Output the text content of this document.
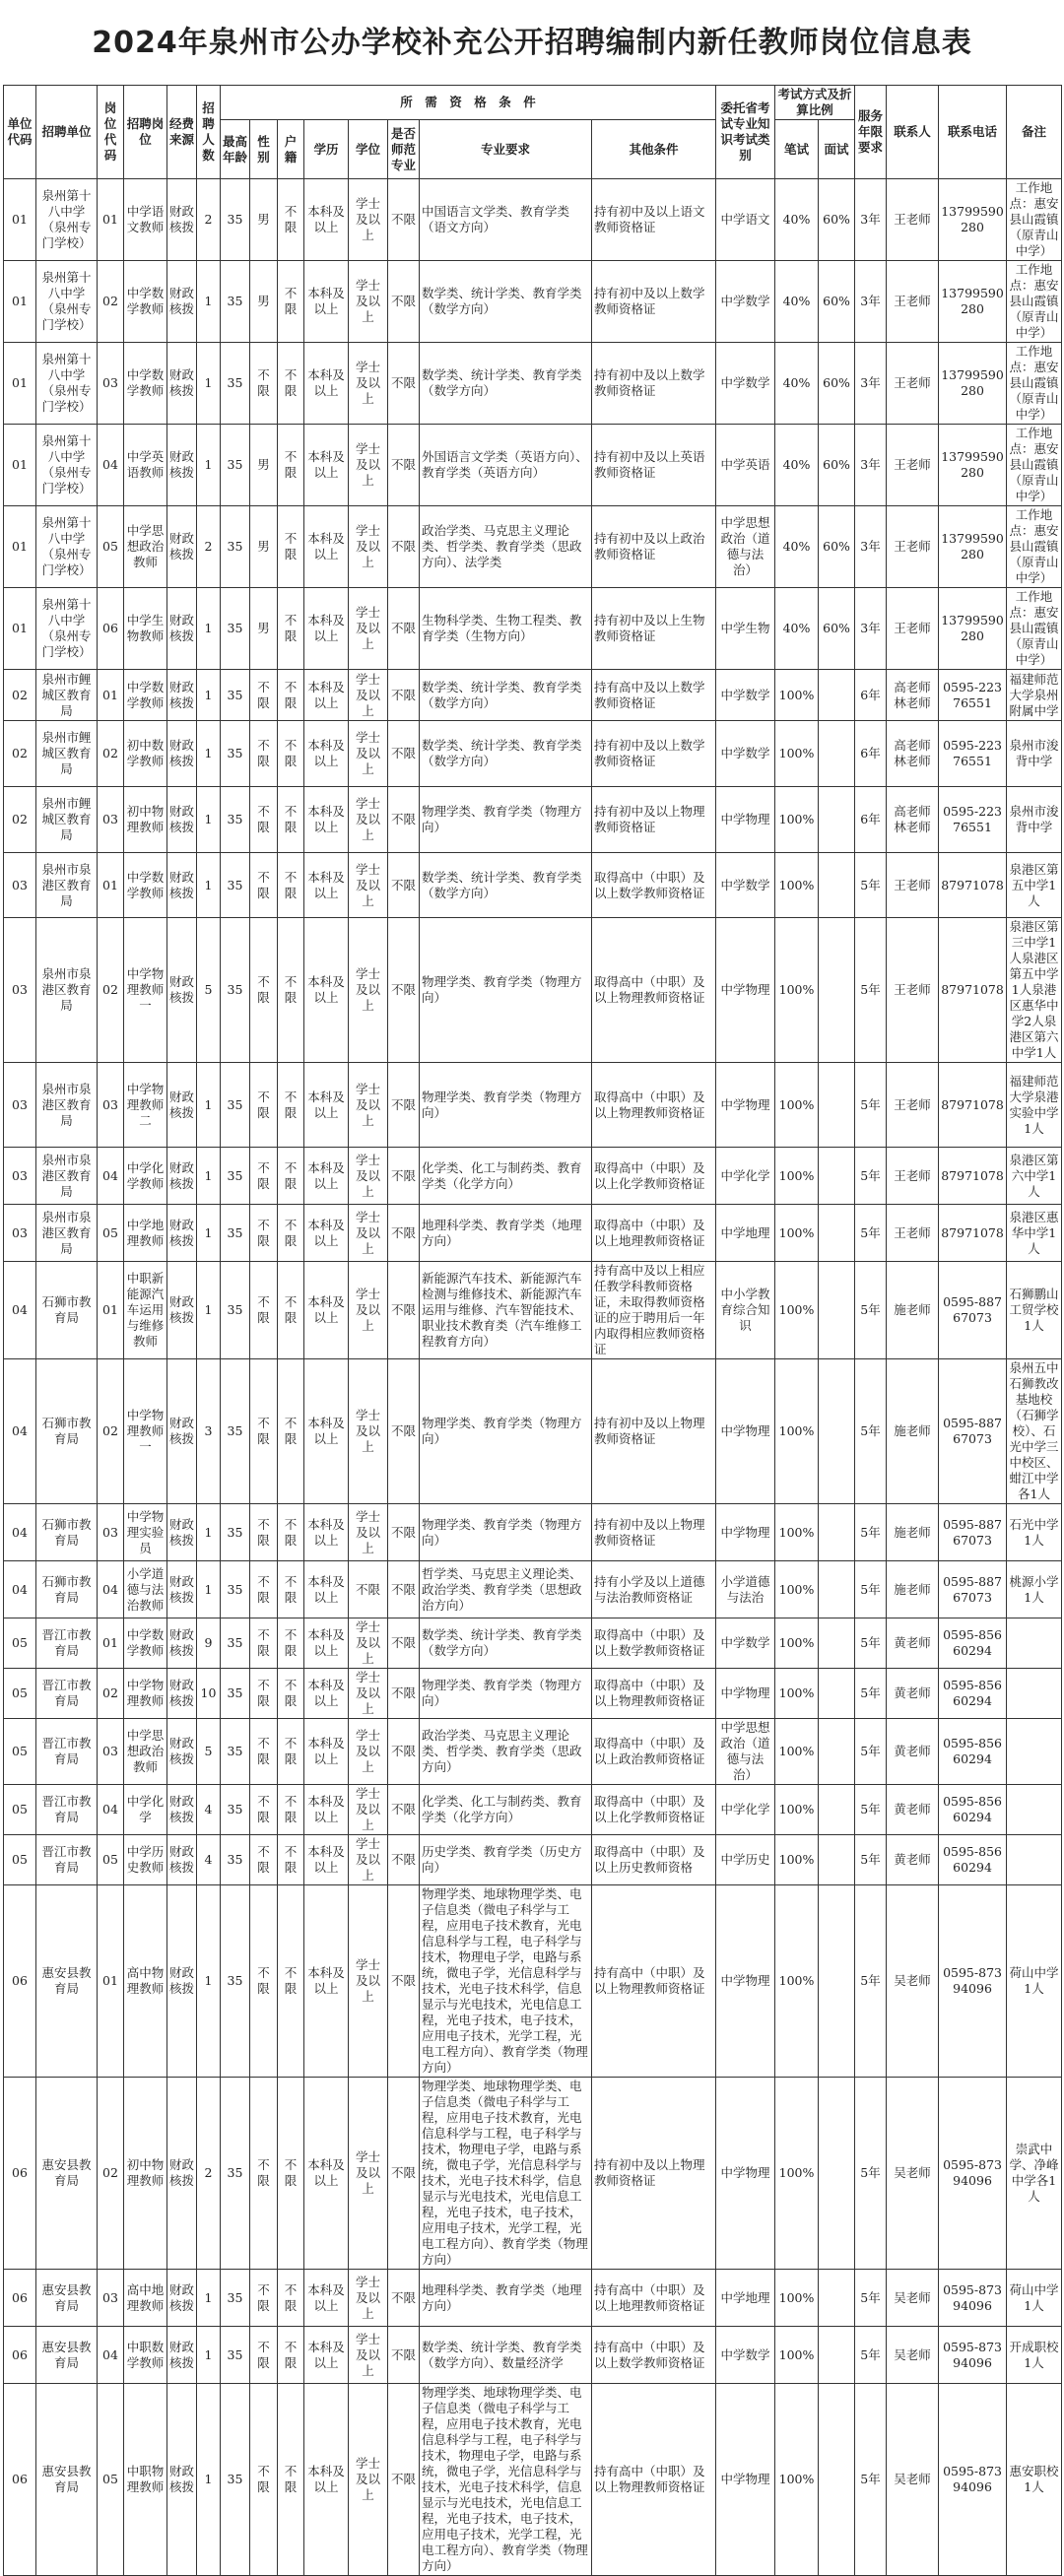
2024年泉州市公办学校补充公开招聘编制内新任教师岗位信息表
单位代码	招聘单位	岗位代码	招聘岗位	经费来源	招聘人数	所　需　资　格　条　件								委托省考试专业知识考试类别	考试方式及折算比例		服务年限要求	联系人	联系电话	备注
						最高年龄	性别	户籍	学历	学位	是否师范专业	专业要求	其他条件		笔试	面试				
01	泉州第十八中学（泉州专门学校）	01	中学语文教师	财政核拨	2	35	男	不限	本科及以上	学士及以上	不限	中国语言文学类、教育学类（语文方向）	持有初中及以上语文教师资格证	中学语文	40%	60%	3年	王老师	13799590280	工作地点：惠安县山霞镇（原青山中学）
01	泉州第十八中学（泉州专门学校）	02	中学数学教师	财政核拨	1	35	男	不限	本科及以上	学士及以上	不限	数学类、统计学类、教育学类（数学方向）	持有初中及以上数学教师资格证	中学数学	40%	60%	3年	王老师	13799590280	工作地点：惠安县山霞镇（原青山中学）
01	泉州第十八中学（泉州专门学校）	03	中学数学教师	财政核拨	1	35	不限	不限	本科及以上	学士及以上	不限	数学类、统计学类、教育学类（数学方向）	持有初中及以上数学教师资格证	中学数学	40%	60%	3年	王老师	13799590280	工作地点：惠安县山霞镇（原青山中学）
01	泉州第十八中学（泉州专门学校）	04	中学英语教师	财政核拨	1	35	男	不限	本科及以上	学士及以上	不限	外国语言文学类（英语方向）、教育学类（英语方向）	持有初中及以上英语教师资格证	中学英语	40%	60%	3年	王老师	13799590280	工作地点：惠安县山霞镇（原青山中学）
01	泉州第十八中学（泉州专门学校）	05	中学思想政治教师	财政核拨	2	35	男	不限	本科及以上	学士及以上	不限	政治学类、马克思主义理论类、哲学类、教育学类（思政方向）、法学类	持有初中及以上政治教师资格证	中学思想政治（道德与法治）	40%	60%	3年	王老师	13799590280	工作地点：惠安县山霞镇（原青山中学）
01	泉州第十八中学（泉州专门学校）	06	中学生物教师	财政核拨	1	35	男	不限	本科及以上	学士及以上	不限	生物科学类、生物工程类、教育学类（生物方向）	持有初中及以上生物教师资格证	中学生物	40%	60%	3年	王老师	13799590280	工作地点：惠安县山霞镇（原青山中学）
02	泉州市鲤城区教育局	01	中学数学教师	财政核拨	1	35	不限	不限	本科及以上	学士及以上	不限	数学类、统计学类、教育学类（数学方向）	持有高中及以上数学教师资格证	中学数学	100%		6年	高老师林老师	0595-22376551	福建师范大学泉州附属中学
02	泉州市鲤城区教育局	02	初中数学教师	财政核拨	1	35	不限	不限	本科及以上	学士及以上	不限	数学类、统计学类、教育学类（数学方向）	持有初中及以上数学教师资格证	中学数学	100%		6年	高老师林老师	0595-22376551	泉州市浚背中学
02	泉州市鲤城区教育局	03	初中物理教师	财政核拨	1	35	不限	不限	本科及以上	学士及以上	不限	物理学类、教育学类（物理方向）	持有初中及以上物理教师资格证	中学物理	100%		6年	高老师林老师	0595-22376551	泉州市浚背中学
03	泉州市泉港区教育局	01	中学数学教师	财政核拨	1	35	不限	不限	本科及以上	学士及以上	不限	数学类、统计学类、教育学类（数学方向）	取得高中（中职）及以上数学教师资格证	中学数学	100%		5年	王老师	87971078	泉港区第五中学1人
03	泉州市泉港区教育局	02	中学物理教师一	财政核拨	5	35	不限	不限	本科及以上	学士及以上	不限	物理学类、教育学类（物理方向）	取得高中（中职）及以上物理教师资格证	中学物理	100%		5年	王老师	87971078	泉港区第三中学1人泉港区第五中学1人泉港区惠华中学2人泉港区第六中学1人
03	泉州市泉港区教育局	03	中学物理教师二	财政核拨	1	35	不限	不限	本科及以上	学士及以上	不限	物理学类、教育学类（物理方向）	取得高中（中职）及以上物理教师资格证	中学物理	100%		5年	王老师	87971078	福建师范大学泉港实验中学1人
03	泉州市泉港区教育局	04	中学化学教师	财政核拨	1	35	不限	不限	本科及以上	学士及以上	不限	化学类、化工与制药类、教育学类（化学方向）	取得高中（中职）及以上化学教师资格证	中学化学	100%		5年	王老师	87971078	泉港区第六中学1人
03	泉州市泉港区教育局	05	中学地理教师	财政核拨	1	35	不限	不限	本科及以上	学士及以上	不限	地理科学类、教育学类（地理方向）	取得高中（中职）及以上地理教师资格证	中学地理	100%		5年	王老师	87971078	泉港区惠华中学1人
04	石狮市教育局	01	中职新能源汽车运用与维修教师	财政核拨	1	35	不限	不限	本科及以上	学士及以上	不限	新能源汽车技术、新能源汽车检测与维修技术、新能源汽车运用与维修、汽车智能技术、职业技术教育类（汽车维修工程教育方向）	持有高中及以上相应任教学科教师资格证，未取得教师资格证的应于聘用后一年内取得相应教师资格证	中小学教育综合知识	100%		5年	施老师	0595-88767073	石狮鹏山工贸学校1人
04	石狮市教育局	02	中学物理教师一	财政核拨	3	35	不限	不限	本科及以上	学士及以上	不限	物理学类、教育学类（物理方向）	持有初中及以上物理教师资格证	中学物理	100%		5年	施老师	0595-88767073	泉州五中石狮教改基地校（石狮学校）、石光中学三中校区、蚶江中学各1人
04	石狮市教育局	03	中学物理实验员	财政核拨	1	35	不限	不限	本科及以上	学士及以上	不限	物理学类、教育学类（物理方向）	持有初中及以上物理教师资格证	中学物理	100%		5年	施老师	0595-88767073	石光中学1人
04	石狮市教育局	04	小学道德与法治教师	财政核拨	1	35	不限	不限	本科及以上	不限	不限	哲学类、马克思主义理论类、政治学类、教育学类（思想政治方向）	持有小学及以上道德与法治教师资格证	小学道德与法治	100%		5年	施老师	0595-88767073	桃源小学1人
05	晋江市教育局	01	中学数学教师	财政核拨	9	35	不限	不限	本科及以上	学士及以上	不限	数学类、统计学类、教育学类（数学方向）	取得高中（中职）及以上数学教师资格证	中学数学	100%		5年	黄老师	0595-85660294	
05	晋江市教育局	02	中学物理教师	财政核拨	10	35	不限	不限	本科及以上	学士及以上	不限	物理学类、教育学类（物理方向）	取得高中（中职）及以上物理教师资格证	中学物理	100%		5年	黄老师	0595-85660294	
05	晋江市教育局	03	中学思想政治教师	财政核拨	5	35	不限	不限	本科及以上	学士及以上	不限	政治学类、马克思主义理论类、哲学类、教育学类（思政方向）	取得高中（中职）及以上政治教师资格证	中学思想政治（道德与法治）	100%		5年	黄老师	0595-85660294	
05	晋江市教育局	04	中学化学	财政核拨	4	35	不限	不限	本科及以上	学士及以上	不限	化学类、化工与制药类、教育学类（化学方向）	取得高中（中职）及以上化学教师资格证	中学化学	100%		5年	黄老师	0595-85660294	
05	晋江市教育局	05	中学历史教师	财政核拨	4	35	不限	不限	本科及以上	学士及以上	不限	历史学类、教育学类（历史方向）	取得高中（中职）及以上历史教师资格	中学历史	100%		5年	黄老师	0595-85660294	
06	惠安县教育局	01	高中物理教师	财政核拨	1	35	不限	不限	本科及以上	学士及以上	不限	物理学类、地球物理学类、电子信息类（微电子科学与工程，应用电子技术教育，光电信息科学与工程，电子科学与技术，物理电子学，电路与系统，微电子学，光信息科学与技术，光电子技术科学，信息显示与光电技术，光电信息工程，光电子技术，电子技术，应用电子技术，光学工程，光电工程方向）、教育学类（物理方向）	持有高中（中职）及以上物理教师资格证	中学物理	100%		5年	吴老师	0595-87394096	荷山中学1人
06	惠安县教育局	02	初中物理教师	财政核拨	2	35	不限	不限	本科及以上	学士及以上	不限	物理学类、地球物理学类、电子信息类（微电子科学与工程，应用电子技术教育，光电信息科学与工程，电子科学与技术，物理电子学，电路与系统，微电子学，光信息科学与技术，光电子技术科学，信息显示与光电技术，光电信息工程，光电子技术，电子技术，应用电子技术，光学工程，光电工程方向）、教育学类（物理方向）	持有初中及以上物理教师资格证	中学物理	100%		5年	吴老师	0595-87394096	崇武中学、净峰中学各1人
06	惠安县教育局	03	高中地理教师	财政核拨	1	35	不限	不限	本科及以上	学士及以上	不限	地理科学类、教育学类（地理方向）	持有高中（中职）及以上地理教师资格证	中学地理	100%		5年	吴老师	0595-87394096	荷山中学1人
06	惠安县教育局	04	中职数学教师	财政核拨	1	35	不限	不限	本科及以上	学士及以上	不限	数学类、统计学类、教育学类（数学方向）、数量经济学	持有高中（中职）及以上数学教师资格证	中学数学	100%		5年	吴老师	0595-87394096	开成职校1人
06	惠安县教育局	05	中职物理教师	财政核拨	1	35	不限	不限	本科及以上	学士及以上	不限	物理学类、地球物理学类、电子信息类（微电子科学与工程，应用电子技术教育，光电信息科学与工程，电子科学与技术，物理电子学，电路与系统，微电子学，光信息科学与技术，光电子技术科学，信息显示与光电技术，光电信息工程，光电子技术，电子技术，应用电子技术，光学工程，光电工程方向）、教育学类（物理方向）	持有高中（中职）及以上物理教师资格证	中学物理	100%		5年	吴老师	0595-87394096	惠安职校1人
